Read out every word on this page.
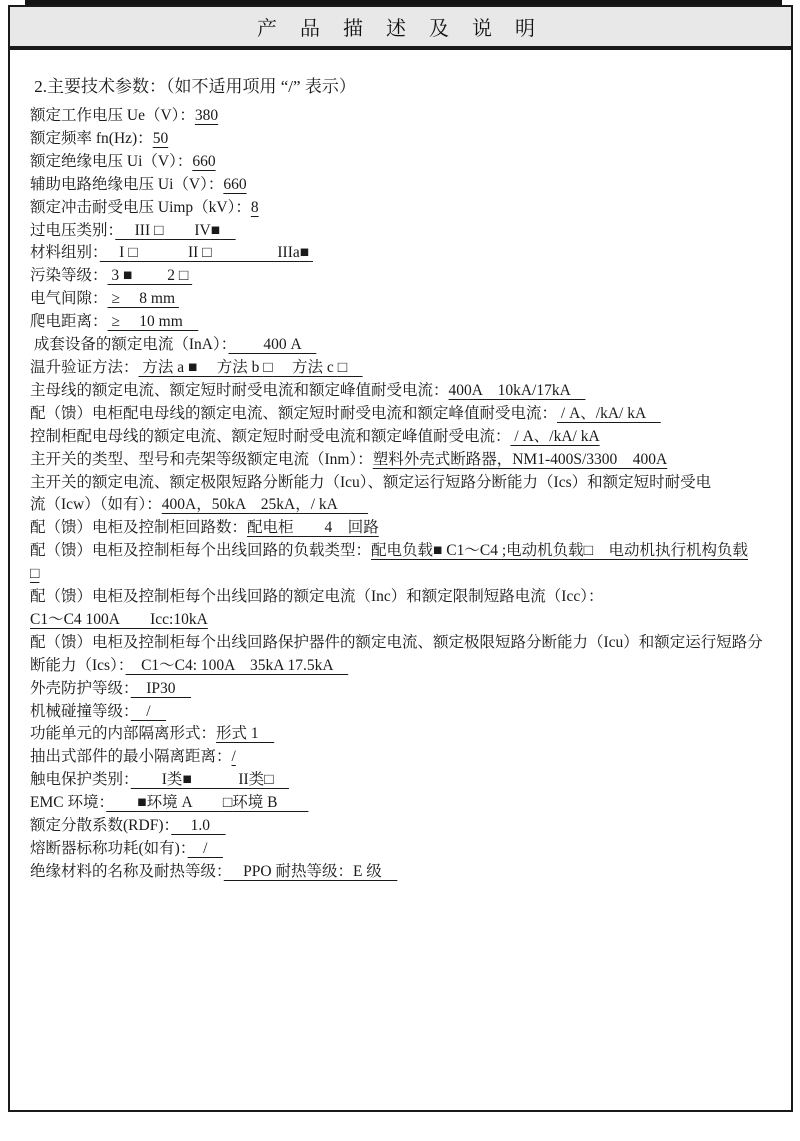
产 品 描 述 及 说 明
2.主要技术参数：（如不适用项用 “/” 表示）
额定工作电压 Ue（V）：380
额定频率 fn(Hz)：50
额定绝缘电压 Ui（V）：660
辅助电路绝缘电压 Ui（V）：660
额定冲击耐受电压 Uimp（kV）：8
过电压类别：　 III □　　IV■　
材料组别：　 I □　　　 II □　　　　 IIIa■
污染等级： 3 ■　　 2 □
电气间隙： ≥　 8 mm
爬电距离： ≥　 10 mm　
成套设备的额定电流（InA）：　　 400 A　
温升验证方法： 方法 a ■　 方法 b □　 方法 c □　
主母线的额定电流、额定短时耐受电流和额定峰值耐受电流：400A　10kA/17kA　
配（馈）电柜配电母线的额定电流、额定短时耐受电流和额定峰值耐受电流： / A、/kA/ kA　
控制柜配电母线的额定电流、额定短时耐受电流和额定峰值耐受电流： / A、/kA/ kA
主开关的类型、型号和壳架等级额定电流（Inm）：塑料外壳式断路器，NM1-400S/3300　400A
主开关的额定电流、额定极限短路分断能力（Icu）、额定运行短路分断能力（Ics）和额定短时耐受电
流（Icw）（如有）：400A，50kA　25kA，/ kA　　
配（馈）电柜及控制柜回路数：配电柜　　4　回路
配（馈）电柜及控制柜每个出线回路的负载类型：配电负载■ C1～C4 ;电动机负载□　电动机执行机构负载
□
配（馈）电柜及控制柜每个出线回路的额定电流（Inc）和额定限制短路电流（Icc）：
C1～C4 100A　　Icc:10kA
配（馈）电柜及控制柜每个出线回路保护器件的额定电流、额定极限短路分断能力（Icu）和额定运行短路分
断能力（Ics）：　C1～C4: 100A　35kA 17.5kA　
外壳防护等级：　IP30　
机械碰撞等级：　/　
功能单元的内部隔离形式：形式 1　
抽出式部件的最小隔离距离：/
触电保护类别：　　I类■　　　II类□　
EMC 环境：　　 ■环境 A　　□环境 B　　
额定分散系数(RDF)：　 1.0　
熔断器标称功耗(如有)：　/　
绝缘材料的名称及耐热等级：　 PPO 耐热等级：E 级　
